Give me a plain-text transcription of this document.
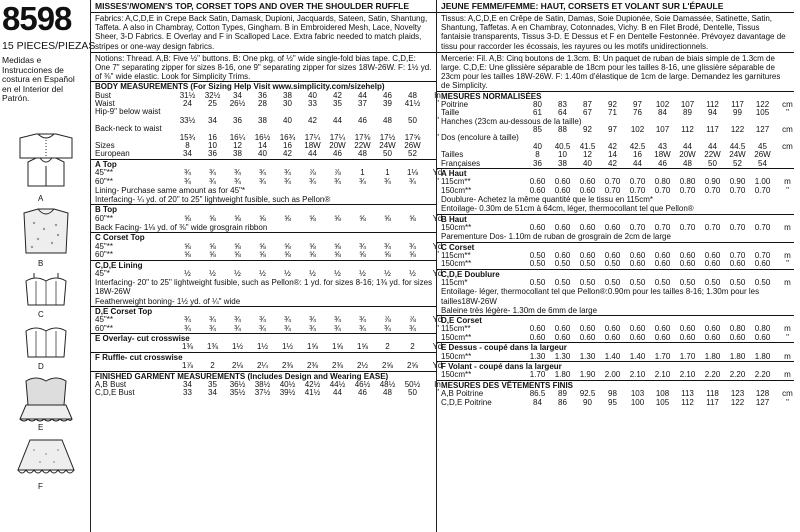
8598
15 PIECES/PIEZAS
Medidas e Instrucciones de costura en Español en el Interior del Patrón.
A
B
C
D
E
F
MISSES'/WOMEN'S TOP, CORSET TOPS AND OVER THE SHOULDER RUFFLE
Fabrics: A,C,D,E in Crepe Back Satin, Damask, Dupioni, Jacquards, Sateen, Satin, Shantung, Taffeta. A also in Chambray, Cotton Types, Gingham. B in Embroidered Mesh, Lace, Novelty Sheer, 3-D Fabrics. E Overlay and F in Scalloped Lace. Extra fabric needed to match plaids, stripes or one-way design fabrics.
Notions: Thread. A,B: Five ½" buttons. B: One pkg. of ½" wide single-fold bias tape. C,D,E: One 7" separating zipper for sizes 8-16, one 9" separating zipper for sizes 18W-26W. F: 1½ yd. of ⅜" wide elastic. Look for Simplicity Trims.
BODY MEASUREMENTS (For Sizing Help Visit www.simplicity.com/sizehelp)
Bust	31½	32½	34	36	38	40	42	44	46	48	In
Waist	24	25	26½	28	30	33	35	37	39	41½	"
Hip-9" below waist
33½	34	36	38	40	42	44	46	48	50	"
Back-neck to waist
15¾	16	16¼	16½	16¾	17¼	17¼	17⅜	17½	17⅝	"
Sizes	8	10	12	14	16	18W	20W	22W	24W	26W
European	34	36	38	40	42	44	46	48	50	52
A Top
45"**	¾	¾	¾	¾	¾	⅞	⅞	1	1	1⅛	Yd
60"**	¾	¾	¾	¾	¾	¾	¾	¾	¾	¾	"
Lining- Purchase same amount as for 45"*
Interfacing- ¼ yd. of 20" to 25" lightweight fusible, such as Pellon®
B Top
60"**	⅝	⅝	⅝	⅝	⅝	⅝	⅝	⅝	⅝	⅝	Yd
Back Facing- 1⅛ yd. of ⅜" wide grosgrain ribbon
C Corset Top
45"**	⅝	⅝	⅝	⅝	⅝	⅝	⅝	¾	¾	¾	Yd
60"**	⅝	⅝	⅝	⅝	⅝	⅝	⅝	⅝	⅝	⅝	"
C,D,E Lining
45"*	½	½	½	½	½	½	½	½	½	½	Yd
Interfacing- 20" to 25" lightweight fusible, such as Pellon®: 1 yd. for sizes 8-16; 1⅜ yd. for sizes 18W-26W
Featherweight boning- 1½ yd. of ¼" wide
D,E Corset Top
45"**	¾	¾	¾	¾	¾	¾	¾	¾	⅞	⅞	Yd
60"**	¾	¾	¾	¾	¾	¾	¾	¾	¾	¾	"
E Overlay- cut crosswise
1⅜	1⅜	1½	1½	1½	1⅝	1⅝	1⅝	2	2	Yd
F Ruffle- cut crosswise
1⅞	2	2⅛	2¼	2⅜	2⅜	2⅜	2½	2⅝	2⅝	Yd
FINISHED GARMENT MEASUREMENTS (Includes Design and Wearing EASE)
A,B Bust	34	35	36½	38½	40½	42½	44½	46½	48½	50½	In
C,D,E Bust	33	34	35½	37½	39½	41½	44	46	48	50	"
JEUNE FEMME/FEMME: HAUT, CORSETS ET VOLANT SUR L'ÉPAULE
Tissus: A,C,D,E en Crêpe de Satin, Damas, Soie Dupionée, Soie Damassée, Satinette, Satin, Shantung, Taffetas. A en Chambray, Cotonnades, Vichy. B en Filet Brodé, Dentelle, Tissus fantaisie transparents, Tissus 3-D. E Dessus et F en Dentelle Festonnée. Prévoyez davantage de tissu pour raccorder les écossais, les rayures ou les motifs unidirectionnels.
Mercerie: Fil. A,B: Cinq boutons de 1.3cm. B: Un paquet de ruban de biais simple de 1.3cm de large. C,D,E: Une glissière séparable de 18cm pour les tailles 8-16, une glissière séparable de 23cm pour les tailles 18W-26W. F: 1.40m d'élastique de 1cm de large. Demandez les garnitures de Simplicity.
MESURES NORMALISÉES
Poitrine	80	83	87	92	97	102	107	112	117	122	cm
Taille	61	64	67	71	76	84	89	94	99	105	"
Hanches (23cm au-dessous de la taille)
85	88	92	97	102	107	112	117	122	127	cm
Dos (encolure à taille)
40	40.5	41.5	42	42.5	43	44	44	44.5	45	cm
Tailles	8	10	12	14	16	18W	20W	22W	24W	26W
Françaises	36	38	40	42	44	46	48	50	52	54
A Haut
115cm**	0.60	0.60	0.60	0.70	0.70	0.80	0.80	0.90	0.90	1.00	m
150cm**	0.60	0.60	0.60	0.70	0.70	0.70	0.70	0.70	0.70	0.70	"
Doublure- Achetez la même quantité que le tissu en 115cm*
Entoilage- 0.30m de 51cm à 64cm, léger, thermocollant tel que Pellon®
B Haut
150cm**	0.60	0.60	0.60	0.60	0.70	0.70	0.70	0.70	0.70	0.70	m
Parementure Dos- 1.10m de ruban de grosgrain de 2cm de large
C Corset
115cm**	0.50	0.60	0.60	0.60	0.60	0.60	0.60	0.60	0.70	0.70	m
150cm**	0.50	0.50	0.50	0.50	0.60	0.60	0.60	0.60	0.60	0.60	"
C,D,E Doublure
115cm*	0.50	0.50	0.50	0.50	0.50	0.50	0.50	0.50	0.50	0.50	m
Entoilage- léger, thermocollant tel que Pellon®:0.90m pour les tailles 8-16; 1.30m pour les tailles18W-26W
Baleine très légère- 1.30m de 6mm de large
D,E Corset
115cm**	0.60	0.60	0.60	0.60	0.60	0.60	0.60	0.60	0.80	0.80	m
150cm**	0.60	0.60	0.60	0.60	0.60	0.60	0.60	0.60	0.60	0.60	"
E Dessus - coupé dans la largeur
150cm**	1.30	1.30	1.30	1.40	1.40	1.70	1.70	1.80	1.80	1.80	m
F Volant - coupé dans la largeur
150cm**	1.70	1.80	1.90	2.00	2.10	2.10	2.10	2.20	2.20	2.20	m
MESURES DES VÊTEMENTS FINIS
A,B Poitrine	86.5	89	92.5	98	103	108	113	118	123	128	cm
C,D,E Poitrine	84	86	90	95	100	105	112	117	122	127	"
